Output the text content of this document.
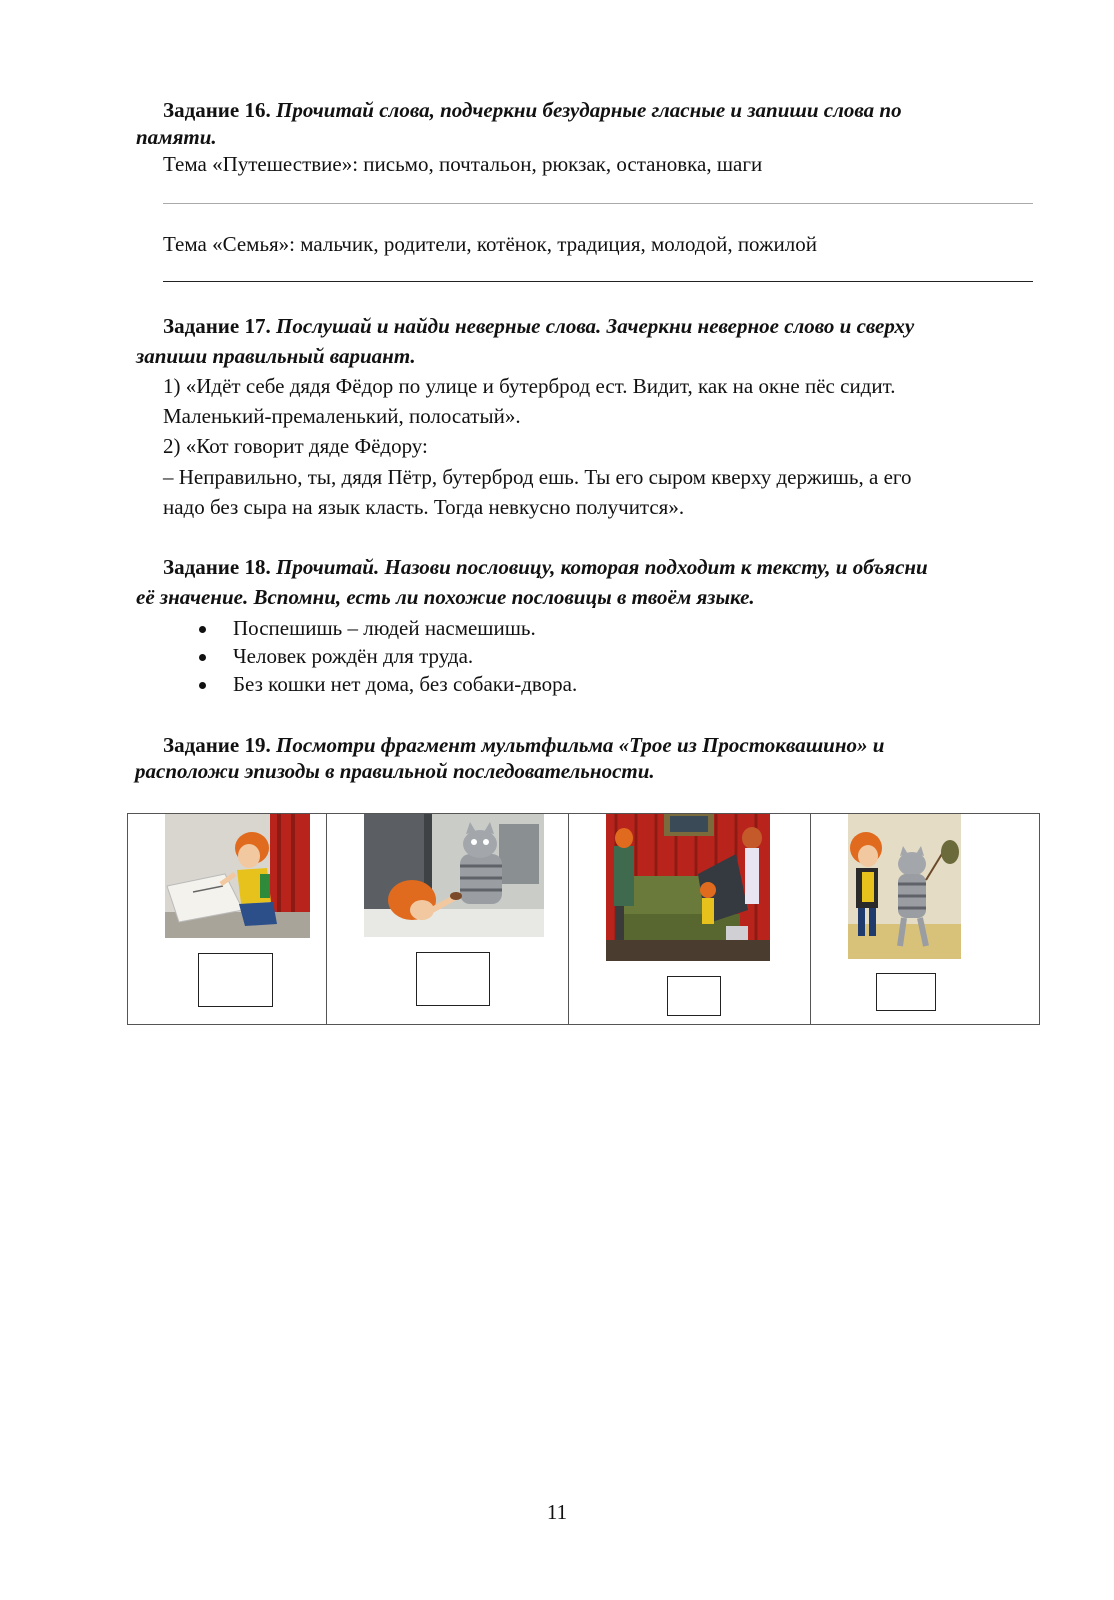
Задание 16. Прочитай слова, подчеркни безударные гласные и запиши слова по
памяти.
Тема «Путешествие»: письмо, почтальон, рюкзак, остановка, шаги
Тема «Семья»: мальчик, родители, котёнок, традиция, молодой, пожилой
Задание 17. Послушай и найди неверные слова. Зачеркни неверное слово и сверху
запиши правильный вариант.
1) «Идёт себе дядя Фёдор по улице и бутерброд ест. Видит, как на окне пёс сидит.
Маленький-премаленький, полосатый».
2) «Кот говорит дяде Фёдору:
– Неправильно, ты, дядя Пётр, бутерброд ешь. Ты его сыром кверху держишь, а его
надо без сыра на язык класть. Тогда невкусно получится».
Задание 18. Прочитай. Назови пословицу, которая подходит к тексту, и объясни
её значение. Вспомни, есть ли похожие пословицы в твоём языке.
Поспешишь – людей насмешишь.
Человек рождён для труда.
Без кошки нет дома, без собаки-двора.
Задание 19. Посмотри фрагмент мультфильма «Трое из Простоквашино» и
расположи эпизоды в правильной последовательности.

11
